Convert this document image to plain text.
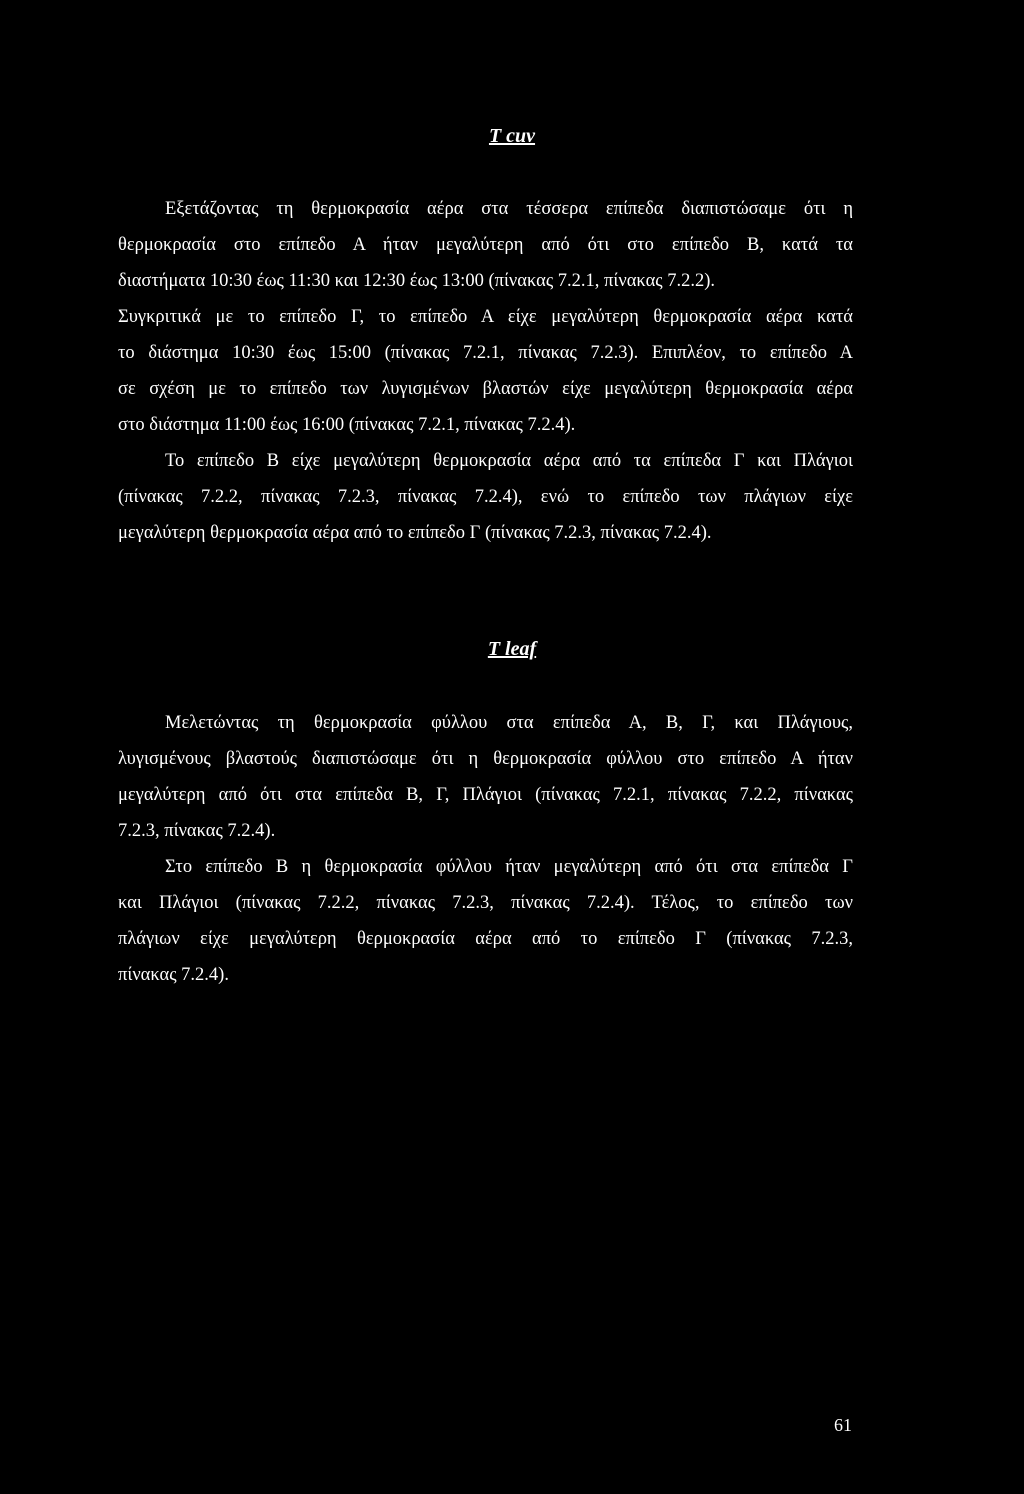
T cuv
Εξετάζοντας τη θερμοκρασία αέρα στα τέσσερα επίπεδα διαπιστώσαμε ότι η
θερμοκρασία στο επίπεδο Α ήταν μεγαλύτερη από ότι στο επίπεδο Β, κατά τα
διαστήματα 10:30 έως 11:30 και 12:30 έως 13:00 (πίνακας 7.2.1, πίνακας 7.2.2).
Συγκριτικά με το επίπεδο Γ, το επίπεδο Α είχε μεγαλύτερη θερμοκρασία αέρα κατά
το διάστημα 10:30 έως 15:00 (πίνακας 7.2.1, πίνακας 7.2.3). Επιπλέον, το επίπεδο Α
σε σχέση με το επίπεδο των λυγισμένων βλαστών είχε μεγαλύτερη θερμοκρασία αέρα
στο διάστημα 11:00 έως 16:00 (πίνακας 7.2.1, πίνακας 7.2.4).
Το επίπεδο Β είχε μεγαλύτερη θερμοκρασία αέρα από τα επίπεδα Γ και Πλάγιοι
(πίνακας 7.2.2, πίνακας 7.2.3, πίνακας 7.2.4), ενώ το επίπεδο των πλάγιων είχε
μεγαλύτερη θερμοκρασία αέρα από το επίπεδο Γ (πίνακας 7.2.3, πίνακας 7.2.4).
T leaf
Μελετώντας τη θερμοκρασία φύλλου στα επίπεδα Α, Β, Γ, και Πλάγιους,
λυγισμένους βλαστούς διαπιστώσαμε ότι η θερμοκρασία φύλλου στο επίπεδο Α ήταν
μεγαλύτερη από ότι στα επίπεδα Β, Γ, Πλάγιοι (πίνακας 7.2.1, πίνακας 7.2.2, πίνακας
7.2.3, πίνακας 7.2.4).
Στο επίπεδο Β η θερμοκρασία φύλλου ήταν μεγαλύτερη από ότι στα επίπεδα Γ
και Πλάγιοι (πίνακας 7.2.2, πίνακας 7.2.3, πίνακας 7.2.4). Τέλος, το επίπεδο των
πλάγιων είχε μεγαλύτερη θερμοκρασία αέρα από το επίπεδο Γ (πίνακας 7.2.3,
πίνακας 7.2.4).
61
